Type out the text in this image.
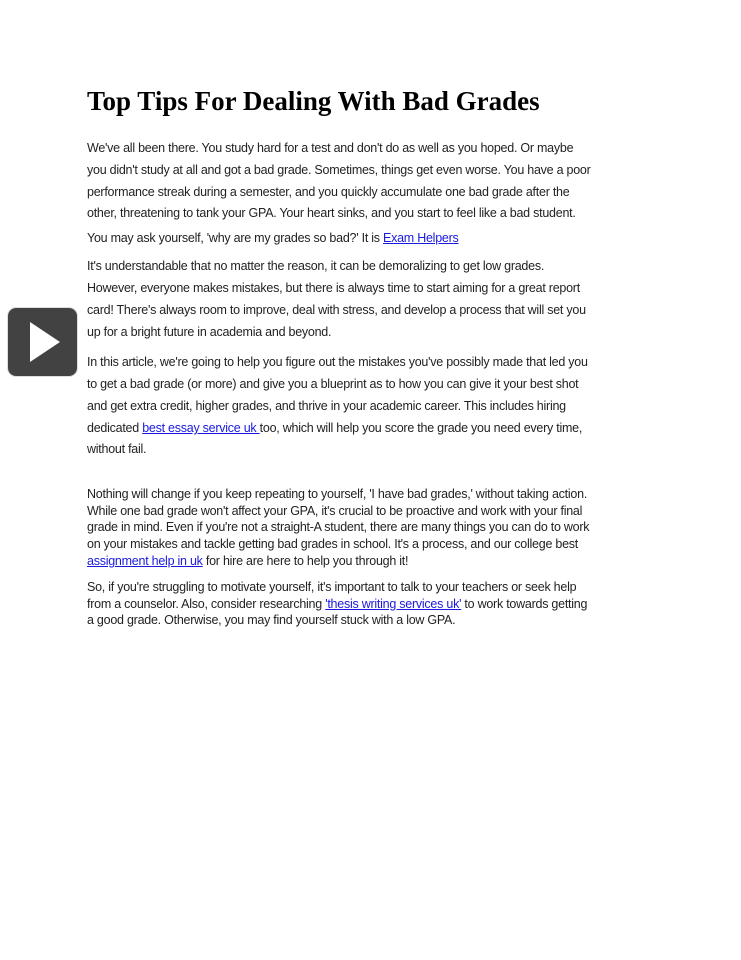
Top Tips For Dealing With Bad Grades
We've all been there. You study hard for a test and don't do as well as you hoped. Or maybe
you didn't study at all and got a bad grade. Sometimes, things get even worse. You have a poor
performance streak during a semester, and you quickly accumulate one bad grade after the
other, threatening to tank your GPA. Your heart sinks, and you start to feel like a bad student.
You may ask yourself, 'why are my grades so bad?' It is Exam Helpers
It's understandable that no matter the reason, it can be demoralizing to get low grades.
However, everyone makes mistakes, but there is always time to start aiming for a great report
card! There's always room to improve, deal with stress, and develop a process that will set you
up for a bright future in academia and beyond.
In this article, we're going to help you figure out the mistakes you've possibly made that led you
to get a bad grade (or more) and give you a blueprint as to how you can give it your best shot
and get extra credit, higher grades, and thrive in your academic career. This includes hiring
dedicated best essay service uk too, which will help you score the grade you need every time,
without fail.
Nothing will change if you keep repeating to yourself, 'I have bad grades,' without taking action.
While one bad grade won't affect your GPA, it's crucial to be proactive and work with your final
grade in mind. Even if you're not a straight-A student, there are many things you can do to work
on your mistakes and tackle getting bad grades in school. It's a process, and our college best
assignment help in uk for hire are here to help you through it!
So, if you're struggling to motivate yourself, it's important to talk to your teachers or seek help
from a counselor. Also, consider researching 'thesis writing services uk' to work towards getting
a good grade. Otherwise, you may find yourself stuck with a low GPA.
